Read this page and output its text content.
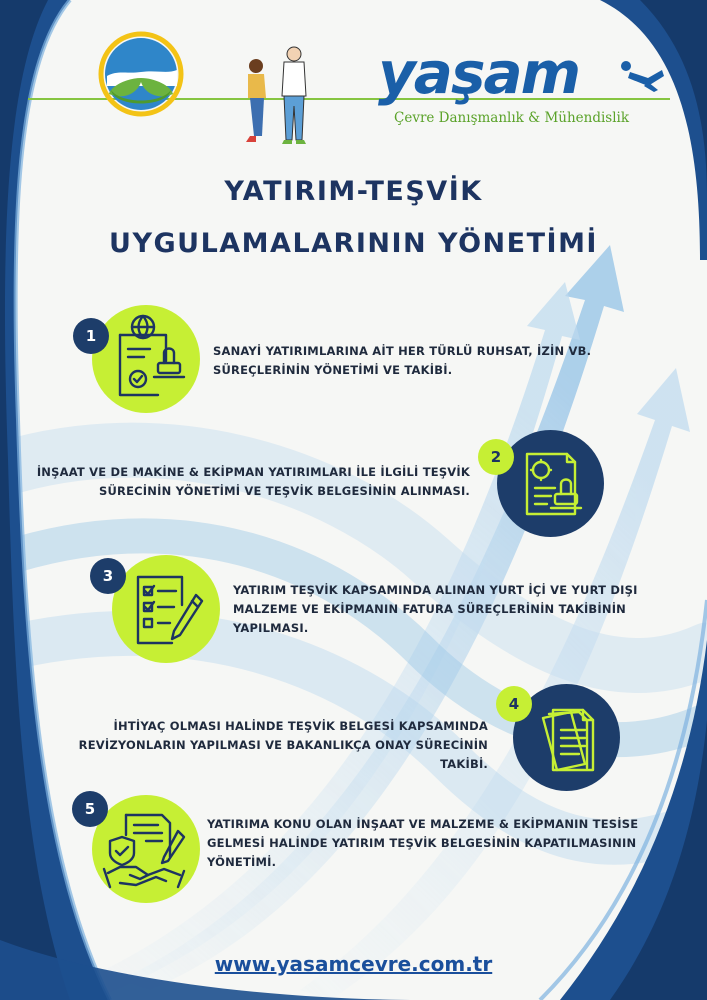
yaşam
Çevre Danışmanlık & Mühendislik
YATIRIM-TEŞVİK
UYGULAMALARININ YÖNETİMİ
1
SANAYİ YATIRIMLARINA AİT HER TÜRLÜ RUHSAT, İZİN VB.
SÜREÇLERİNİN YÖNETİMİ VE TAKİBİ.
2
İNŞAAT VE DE MAKİNE & EKİPMAN YATIRIMLARI İLE İLGİLİ TEŞVİK
SÜRECİNİN YÖNETİMİ VE TEŞVİK BELGESİNİN ALINMASI.
3
YATIRIM TEŞVİK KAPSAMINDA ALINAN YURT İÇİ VE YURT DIŞI
MALZEME VE EKİPMANIN FATURA SÜREÇLERİNİN TAKİBİNİN
YAPILMASI.
4
İHTİYAÇ OLMASI HALİNDE TEŞVİK BELGESİ KAPSAMINDA
REVİZYONLARIN YAPILMASI VE BAKANLIKÇA ONAY SÜRECİNİN TAKİBİ.
5
YATIRIMA KONU OLAN İNŞAAT VE MALZEME & EKİPMANIN TESİSE
GELMESİ HALİNDE YATIRIM TEŞVİK BELGESİNİN KAPATILMASININ
YÖNETİMİ.
www.yasamcevre.com.tr
